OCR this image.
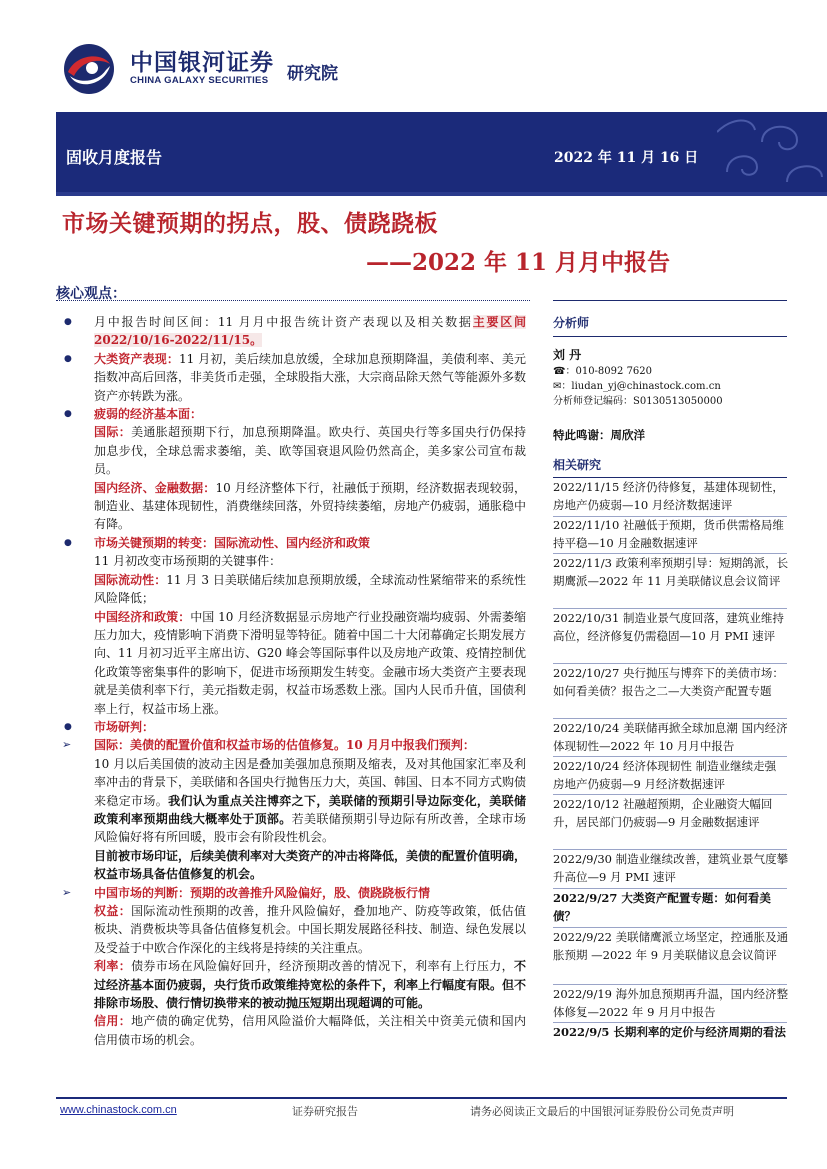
中国银河证券
CHINA GALAXY SECURITIES 研究院
固收月度报告	2022 年 11 月 16 日
市场关键预期的拐点，股、债跷跷板
——2022 年 11 月月中报告
核心观点：
● 月中报告时间区间：11 月月中报告统计资产表现以及相关数据主要区间 2022/10/16-2022/11/15。
● 大类资产表现：11 月初，美后续加息放缓，全球加息预期降温，美债利率、美元指数冲高后回落，非美货币走强，全球股指大涨，大宗商品除天然气等能源外多数资产亦转跌为涨。
● 疲弱的经济基本面：
国际：美通胀超预期下行，加息预期降温。欧央行、英国央行等多国央行仍保持加息步伐，全球总需求萎缩，美、欧等国衰退风险仍然高企，美多家公司宣布裁员。
国内经济、金融数据：10 月经济整体下行，社融低于预期，经济数据表现较弱，制造业、基建体现韧性，消费继续回落，外贸持续萎缩，房地产仍疲弱，通胀稳中有降。
● 市场关键预期的转变：国际流动性、国内经济和政策
11 月初改变市场预期的关键事件：
国际流动性：11 月 3 日美联储后续加息预期放缓，全球流动性紧缩带来的系统性风险降低；
中国经济和政策：中国 10 月经济数据显示房地产行业投融资端均疲弱、外需萎缩压力加大，疫情影响下消费下滑明显等特征。随着中国二十大闭幕确定长期发展方向、11 月初习近平主席出访、G20 峰会等国际事件以及房地产政策、疫情控制优化政策等密集事件的影响下，促进市场预期发生转变。金融市场大类资产主要表现就是美债利率下行，美元指数走弱，权益市场悉数上涨。国内人民币升值，国债利率上行，权益市场上涨。
● 市场研判：
➢ 国际：美债的配置价值和权益市场的估值修复。10 月月中报我们预判：
10 月以后美国债的波动主因是叠加美强加息预期及缩表，及对其他国家汇率及利率冲击的背景下，美联储和各国央行抛售压力大，英国、韩国、日本不同方式购债来稳定市场。我们认为重点关注博弈之下，美联储的预期引导边际变化，美联储政策利率预期曲线大概率处于顶部。若美联储预期引导边际有所改善，全球市场风险偏好将有所回暖，股市会有阶段性机会。
目前被市场印证，后续美债利率对大类资产的冲击将降低，美债的配置价值明确，权益市场具备估值修复的机会。
➢ 中国市场的判断：预期的改善推升风险偏好，股、债跷跷板行情
权益：国际流动性预期的改善，推升风险偏好，叠加地产、防疫等政策，低估值板块、消费板块等具备估值修复机会。中国长期发展路径科技、制造、绿色发展以及受益于中欧合作深化的主线将是持续的关注重点。
利率：债券市场在风险偏好回升，经济预期改善的情况下，利率有上行压力，不过经济基本面仍疲弱，央行货币政策维持宽松的条件下，利率上行幅度有限。但不排除市场股、债行情切换带来的被动抛压短期出现超调的可能。
信用：地产债的确定优势，信用风险溢价大幅降低，关注相关中资美元债和国内信用债市场的机会。
分析师
刘 丹
☎：010-8092 7620
✉：liudan_yj@chinastock.com.cn
分析师登记编码：S0130513050000
特此鸣谢：周欣洋
相关研究
2022/11/15 经济仍待修复，基建体现韧性，房地产仍疲弱—10 月经济数据速评
2022/11/10 社融低于预期，货币供需格局维持平稳—10 月金融数据速评
2022/11/3 政策利率预期引导：短期鸽派，长期鹰派—2022 年 11 月美联储议息会议简评
2022/10/31 制造业景气度回落，建筑业维持高位，经济修复仍需稳固—10 月 PMI 速评
2022/10/27 央行抛压与博弈下的美债市场：如何看美债？报告之二—大类资产配置专题
2022/10/24 美联储再掀全球加息潮 国内经济体现韧性—2022 年 10 月月中报告
2022/10/24 经济体现韧性 制造业继续走强 房地产仍疲弱—9 月经济数据速评
2022/10/12 社融超预期，企业融资大幅回升，居民部门仍疲弱—9 月金融数据速评
2022/9/30 制造业继续改善，建筑业景气度攀升高位—9 月 PMI 速评
2022/9/27 大类资产配置专题：如何看美债？
2022/9/22 美联储鹰派立场坚定，控通胀及通胀预期 —2022 年 9 月美联储议息会议简评
2022/9/19 海外加息预期再升温，国内经济整体修复—2022 年 9 月月中报告
2022/9/5 长期利率的定价与经济周期的看法
www.chinastock.com.cn	证券研究报告	请务必阅读正文最后的中国银河证券股份公司免责声明
